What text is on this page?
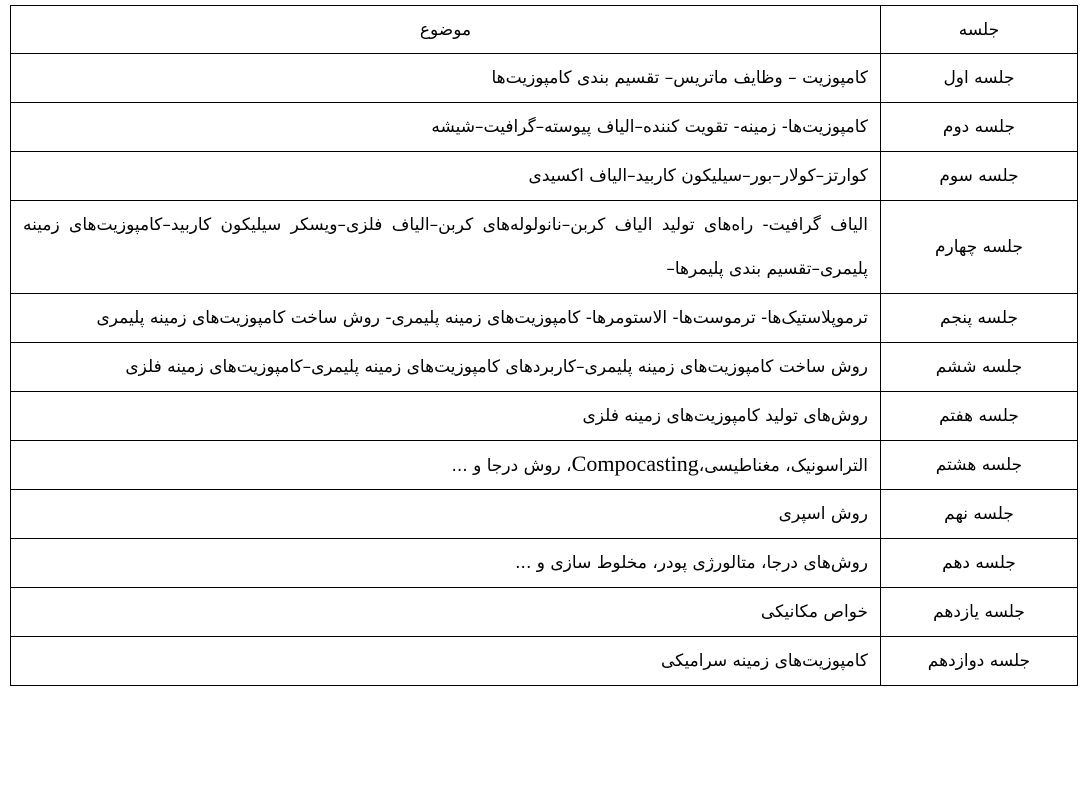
جلسه	موضوع
جلسه اول	کامپوزیت – وظایف ماتریس– تقسیم بندی کامپوزیت‌ها
جلسه دوم	کامپوزیت‌ها- زمینه- تقویت کننده–الیاف پیوسته–گرافیت–شیشه
جلسه سوم	کوارتز–کولار–بور–سیلیکون کاربید–الیاف اکسیدی
جلسه چهارم	الیاف گرافیت- راه‌های تولید الیاف کربن–نانولوله‌های کربن–الیاف فلزی–ویسکر سیلیکون کاربید–کامپوزیت‌های زمینه پلیمری–تقسیم بندی پلیمرها–
جلسه پنجم	ترموپلاستیک‌ها- ترموست‌ها- الاستومرها- کامپوزیت‌های زمینه پلیمری- روش ساخت کامپوزیت‌های زمینه پلیمری
جلسه ششم	روش ساخت کامپوزیت‌های زمینه پلیمری–کاربردهای کامپوزیت‌های زمینه پلیمری–کامپوزیت‌های زمینه فلزی
جلسه هفتم	روش‌های تولید کامپوزیت‌های زمینه فلزی
جلسه هشتم	التراسونیک، مغناطیسی،Compocasting، روش درجا و ...
جلسه نهم	روش اسپری
جلسه دهم	روش‌های درجا، متالورژی پودر، مخلوط سازی و ...
جلسه یازدهم	خواص مکانیکی
جلسه دوازدهم	کامپوزیت‌های زمینه سرامیکی
